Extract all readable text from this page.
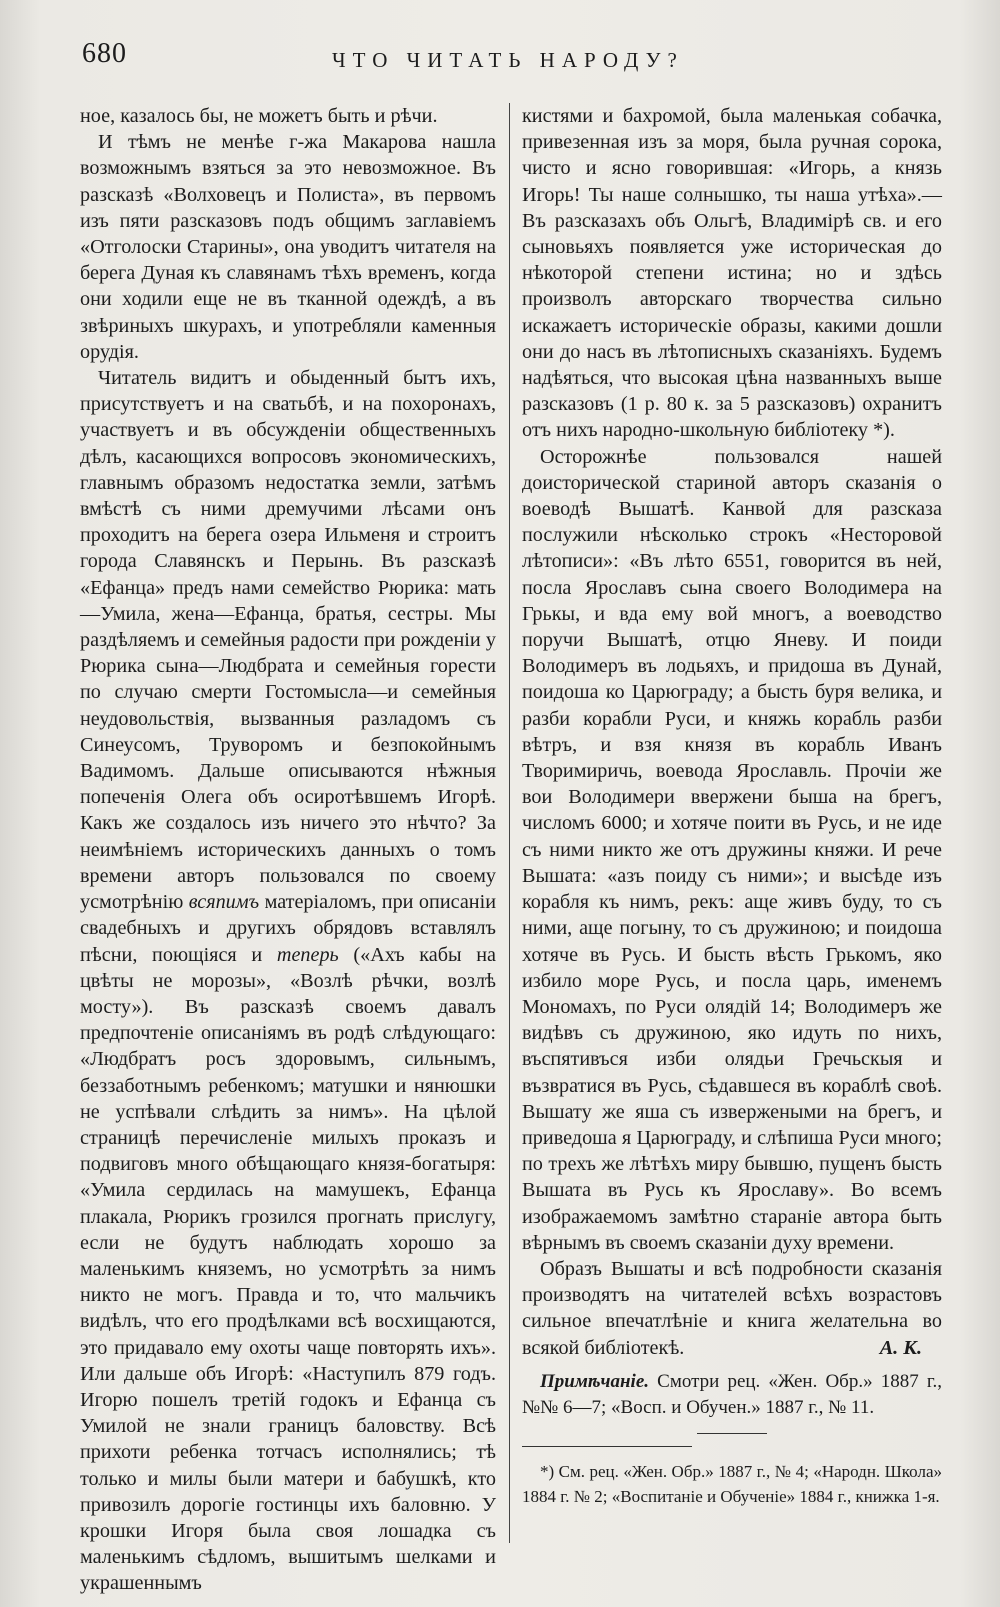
680	ЧТО ЧИТАТЬ НАРОДУ?

ное, казалось бы, не можетъ быть и рѣчи.

И тѣмъ не менѣе г-жа Макарова нашла возможнымъ взяться за это невозможное. Въ разсказѣ «Волховецъ и Полиста», въ первомъ изъ пяти разсказовъ подъ общимъ заглавіемъ «Отголоски Старины», она уводитъ читателя на берега Дуная къ славянамъ тѣхъ временъ, когда они ходили еще не въ тканной одеждѣ, а въ звѣриныхъ шкурахъ, и употребляли каменныя орудія.

Читатель видитъ и обыденный бытъ ихъ, присутствуетъ и на сватьбѣ, и на похоронахъ, участвуетъ и въ обсужденіи общественныхъ дѣлъ, касающихся вопросовъ экономическихъ, главнымъ образомъ недостатка земли, затѣмъ вмѣстѣ съ ними дремучими лѣсами онъ проходитъ на берега озера Ильменя и строитъ города Славянскъ и Перынь. Въ разсказѣ «Ефанца» предъ нами семейство Рюрика: мать—Умила, жена—Ефанца, братья, сестры. Мы раздѣляемъ и семейныя радости при рожденіи у Рюрика сына—Людбрата и семейныя горести по случаю смерти Гостомысла—и семейныя неудовольствія, вызванныя разладомъ съ Синеусомъ, Труворомъ и безпокойнымъ Вадимомъ. Дальше описываются нѣжныя попеченія Олега объ осиротѣвшемъ Игорѣ. Какъ же создалось изъ ничего это нѣчто? За неимѣніемъ историческихъ данныхъ о томъ времени авторъ пользовался по своему усмотрѣнію всяпимъ матеріаломъ, при описаніи свадебныхъ и другихъ обрядовъ вставлялъ пѣсни, поющіяся и теперь («Ахъ кабы на цвѣты не морозы», «Возлѣ рѣчки, возлѣ мосту»). Въ разсказѣ своемъ давалъ предпочтеніе описаніямъ въ родѣ слѣдующаго: «Людбратъ росъ здоровымъ, сильнымъ, беззаботнымъ ребенкомъ; матушки и нянюшки не успѣвали слѣдить за нимъ». На цѣлой страницѣ перечисленіе милыхъ проказъ и подвиговъ много обѣщающаго князя-богатыря: «Умила сердилась на мамушекъ, Ефанца плакала, Рюрикъ грозился прогнать прислугу, если не будутъ наблюдать хорошо за маленькимъ княземъ, но усмотрѣть за нимъ никто не могъ. Правда и то, что мальчикъ видѣлъ, что его продѣлками всѣ восхищаются, это придавало ему охоты чаще повторять ихъ». Или дальше объ Игорѣ: «Наступилъ 879 годъ. Игорю пошелъ третій годокъ и Ефанца съ Умилой не знали границъ баловству. Всѣ прихоти ребенка тотчасъ исполнялись; тѣ только и милы были матери и бабушкѣ, кто привозилъ дорогіе гостинцы ихъ баловню. У крошки Игоря была своя лошадка съ маленькимъ сѣдломъ, вышитымъ шелками и украшеннымъ

кистями и бахромой, была маленькая собачка, привезенная изъ за моря, была ручная сорока, чисто и ясно говорившая: «Игорь, а князь Игорь! Ты наше солнышко, ты наша утѣха».—Въ разсказахъ объ Ольгѣ, Владимірѣ св. и его сыновьяхъ появляется уже историческая до нѣкоторой степени истина; но и здѣсь произволъ авторскаго творчества сильно искажаетъ историческіе образы, какими дошли они до насъ въ лѣтописныхъ сказаніяхъ. Будемъ надѣяться, что высокая цѣна названныхъ выше разсказовъ (1 р. 80 к. за 5 разсказовъ) охранитъ отъ нихъ народно-школьную библіотеку *).

Осторожнѣе пользовался нашей доисторической стариной авторъ сказанія о воеводѣ Вышатѣ. Канвой для разсказа послужили нѣсколько строкъ «Несторовой лѣтописи»: «Въ лѣто 6551, говорится въ ней, посла Ярославъ сына своего Володимера на Грькы, и вда ему вой многъ, а воеводство поручи Вышатѣ, отцю Яневу. И поиди Володимеръ въ лодьяхъ, и придоша въ Дунай, поидоша ко Царюграду; а бысть буря велика, и разби корабли Руси, и княжь корабль разби вѣтръ, и взя князя въ корабль Иванъ Творимиричь, воевода Ярославль. Прочіи же вои Володимери ввержени быша на брегъ, числомъ 6000; и хотяче поити въ Русь, и не иде съ ними никто же отъ дружины княжи. И рече Вышата: «азъ поиду съ ними»; и высѣде изъ корабля къ нимъ, рекъ: аще живъ буду, то съ ними, аще погыну, то съ дружиною; и поидоша хотяче въ Русь. И бысть вѣсть Грькомъ, яко избило море Русь, и посла царь, именемъ Мономахъ, по Руси олядій 14; Володимеръ же видѣвъ съ дружиною, яко идуть по нихъ, въспятивъся изби олядьи Гречьскыя и възвратися въ Русь, сѣдавшеся въ кораблѣ своѣ. Вышату же яша съ извержеными на брегъ, и приведоша я Царюграду, и слѣпиша Руси много; по трехъ же лѣтѣхъ миру бывшю, пущенъ бысть Вышата въ Русь къ Ярославу». Во всемъ изображаемомъ замѣтно стараніе автора быть вѣрнымъ въ своемъ сказаніи духу времени.

Образъ Вышаты и всѣ подробности сказанія производятъ на читателей всѣхъ возрастовъ сильное впечатлѣніе и книга желательна во всякой библіотекѣ.	А. К.

Примѣчаніе. Смотри рец. «Жен. Обр.» 1887 г., №№ 6—7; «Восп. и Обучен.» 1887 г., № 11.

*) См. рец. «Жен. Обр.» 1887 г., № 4; «Народн. Школа» 1884 г. № 2; «Воспитаніе и Обученіе» 1884 г., книжка 1-я.
